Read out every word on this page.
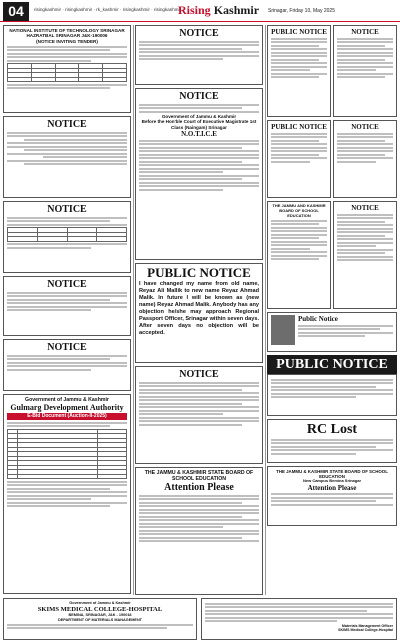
04	risingkashmir · risingkashmir · rk_kashmir · risingkashmir · risingkashmir
Rising Kashmir Srinagar, Friday 10, May 2025
NATIONAL INSTITUTE OF TECHNOLOGY SRINAGAR
HAZRATBAL SRINAGAR J&K-190006
(NOTICE INVITING TENDER)

NOTICE
NOTICE

NOTICE
NOTICE
Government of Jammu & Kashmir
Gulmarg Development Authority
E-Bid Document (Auction-II-2025)

NOTICE
NOTICE
Government of Jammu & Kashmir
Before the Hon'ble Court of Executive Magistrate 1st Class (Naingam) Srinagar
N.O.T.I.C.E
PUBLIC NOTICE
I have changed my name from old name, Reyaz Ali Mallik to new name Reyaz Ahmad Malik. In future I will be known as (new name) Reyaz Ahmad Malik. Anybody has any objection he/she may approach Regional Passport Officer, Srinagar within seven days. After seven days no objection will be accepted.
NOTICE
THE JAMMU & KASHMIR STATE BOARD OF SCHOOL EDUCATION
Attention Please
PUBLIC NOTICE	NOTICE
PUBLIC NOTICE	NOTICE
THE JAMMU AND KASHMIR BOARD OF SCHOOL EDUCATION
NOTICE
Public Notice
PUBLIC NOTICE
RC Lost
THE JAMMU & KASHMIR STATE BOARD OF SCHOOL EDUCATION
New Campus Bemina Srinagar
Attention Please
Government of Jammu & Kashmir
SKIMS MEDICAL COLLEGE-HOSPITAL
BEMINA, SRINAGAR, J&K - 190018
DEPARTMENT OF MATERIALS MANAGEMENT
Materials Management Officer
SKIMS Medical College-Hospital
